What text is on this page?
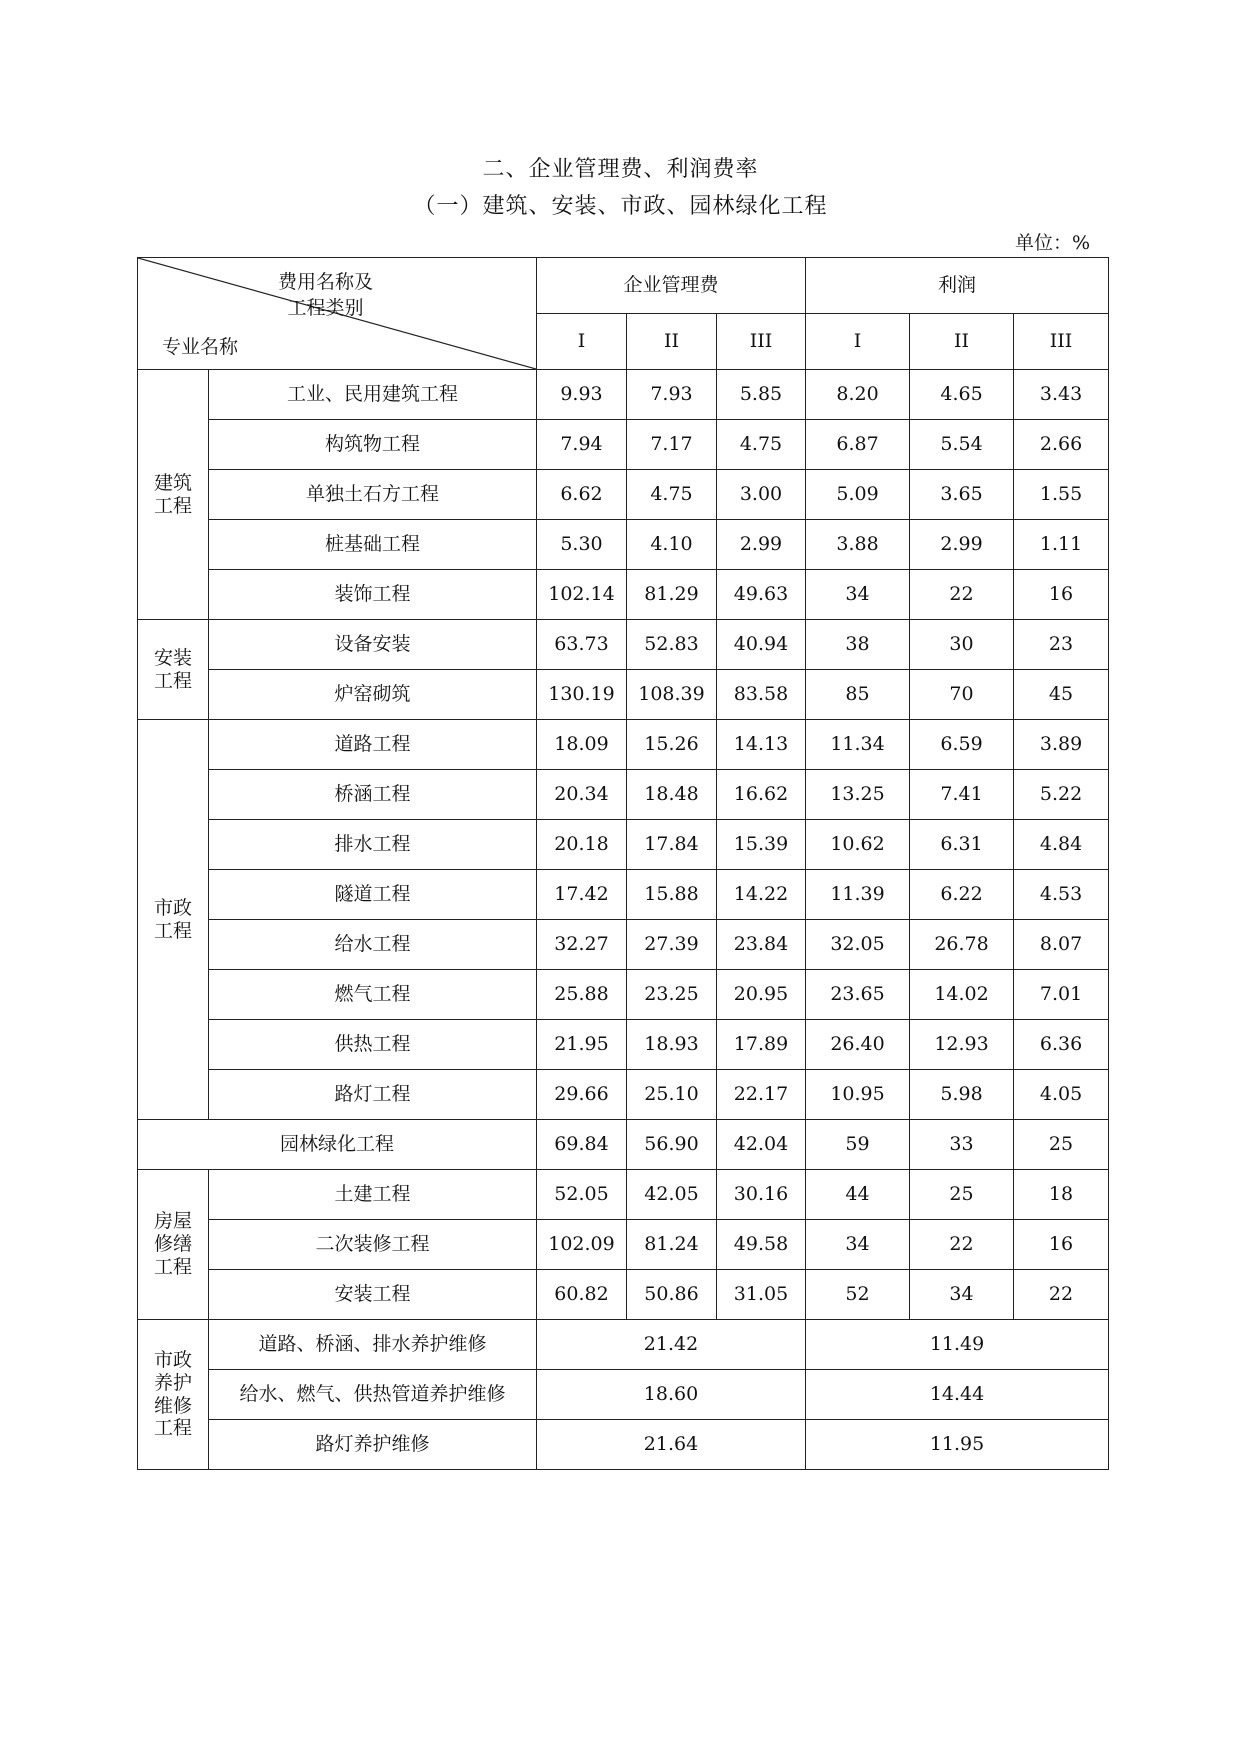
二、企业管理费、利润费率
（一）建筑、安装、市政、园林绿化工程
单位：%
费用名称及
工程类别
专业名称		企业管理费			利润		
		I	II	III	I	II	III
建筑
工程	工业、民用建筑工程	9.93	7.93	5.85	8.20	4.65	3.43
	构筑物工程	7.94	7.17	4.75	6.87	5.54	2.66
	单独土石方工程	6.62	4.75	3.00	5.09	3.65	1.55
	桩基础工程	5.30	4.10	2.99	3.88	2.99	1.11
	装饰工程	102.14	81.29	49.63	34	22	16
安装
工程	设备安装	63.73	52.83	40.94	38	30	23
	炉窑砌筑	130.19	108.39	83.58	85	70	45
市政
工程	道路工程	18.09	15.26	14.13	11.34	6.59	3.89
	桥涵工程	20.34	18.48	16.62	13.25	7.41	5.22
	排水工程	20.18	17.84	15.39	10.62	6.31	4.84
	隧道工程	17.42	15.88	14.22	11.39	6.22	4.53
	给水工程	32.27	27.39	23.84	32.05	26.78	8.07
	燃气工程	25.88	23.25	20.95	23.65	14.02	7.01
	供热工程	21.95	18.93	17.89	26.40	12.93	6.36
	路灯工程	29.66	25.10	22.17	10.95	5.98	4.05
园林绿化工程		69.84	56.90	42.04	59	33	25
房屋
修缮
工程	土建工程	52.05	42.05	30.16	44	25	18
	二次装修工程	102.09	81.24	49.58	34	22	16
	安装工程	60.82	50.86	31.05	52	34	22
市政
养护
维修
工程	道路、桥涵、排水养护维修	21.42			11.49		
	给水、燃气、供热管道养护维修	18.60			14.44		
	路灯养护维修	21.64			11.95		
